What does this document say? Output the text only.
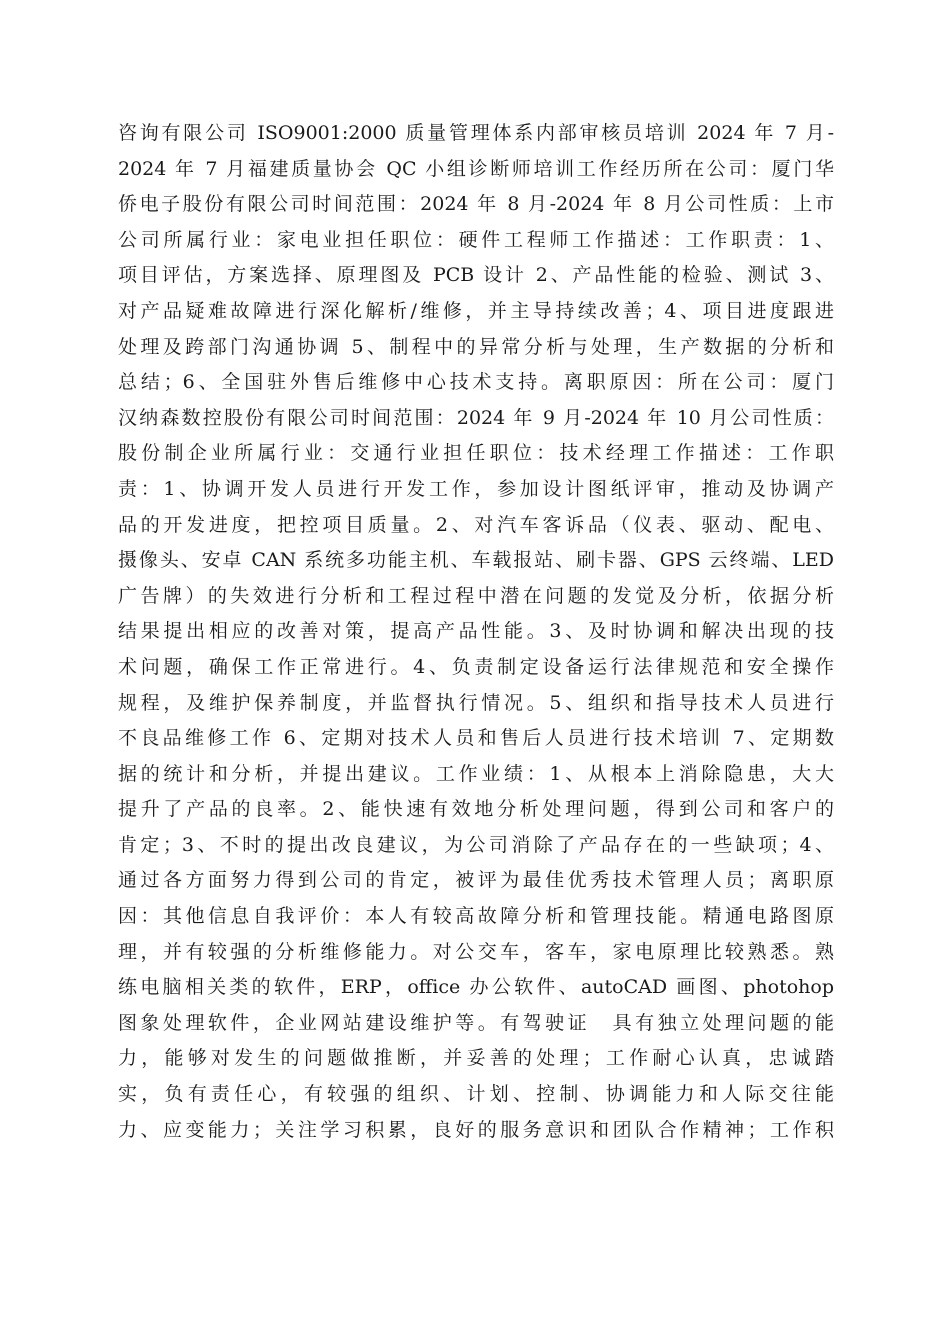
咨询有限公司 ISO9001:2000 质量管理体系内部审核员培训 2024 年 7 月-
2024 年 7 月福建质量协会 QC 小组诊断师培训工作经历所在公司：厦门华
侨电子股份有限公司时间范围：2024 年 8 月-2024 年 8 月公司性质：上市
公司所属行业：家电业担任职位：硬件工程师工作描述：工作职责：1、
项目评估，方案选择、原理图及 PCB 设计 2、产品性能的检验、测试 3、
对产品疑难故障进行深化解析/维修，并主导持续改善；4、项目进度跟进
处理及跨部门沟通协调 5、制程中的异常分析与处理，生产数据的分析和
总结；6、全国驻外售后维修中心技术支持。离职原因：所在公司：厦门
汉纳森数控股份有限公司时间范围：2024 年 9 月-2024 年 10 月公司性质：
股份制企业所属行业：交通行业担任职位：技术经理工作描述：工作职
责：1、协调开发人员进行开发工作，参加设计图纸评审，推动及协调产
品的开发进度，把控项目质量。2、对汽车客诉品（仪表、驱动、配电、
摄像头、安卓 CAN 系统多功能主机、车载报站、刷卡器、GPS 云终端、LED
广告牌）的失效进行分析和工程过程中潜在问题的发觉及分析，依据分析
结果提出相应的改善对策，提高产品性能。3、及时协调和解决出现的技
术问题，确保工作正常进行。4、负责制定设备运行法律规范和安全操作
规程，及维护保养制度，并监督执行情况。5、组织和指导技术人员进行
不良品维修工作 6、定期对技术人员和售后人员进行技术培训 7、定期数
据的统计和分析，并提出建议。工作业绩：1、从根本上消除隐患，大大
提升了产品的良率。2、能快速有效地分析处理问题，得到公司和客户的
肯定；3、不时的提出改良建议，为公司消除了产品存在的一些缺项；4、
通过各方面努力得到公司的肯定，被评为最佳优秀技术管理人员；离职原
因：其他信息自我评价：本人有较高故障分析和管理技能。精通电路图原
理，并有较强的分析维修能力。对公交车，客车，家电原理比较熟悉。熟
练电脑相关类的软件，ERP，office 办公软件、autoCAD 画图、photohop
图象处理软件，企业网站建设维护等。有驾驶证　具有独立处理问题的能
力，能够对发生的问题做推断，并妥善的处理；工作耐心认真，忠诚踏
实，负有责任心，有较强的组织、计划、控制、协调能力和人际交往能
力、应变能力；关注学习积累，良好的服务意识和团队合作精神；工作积
